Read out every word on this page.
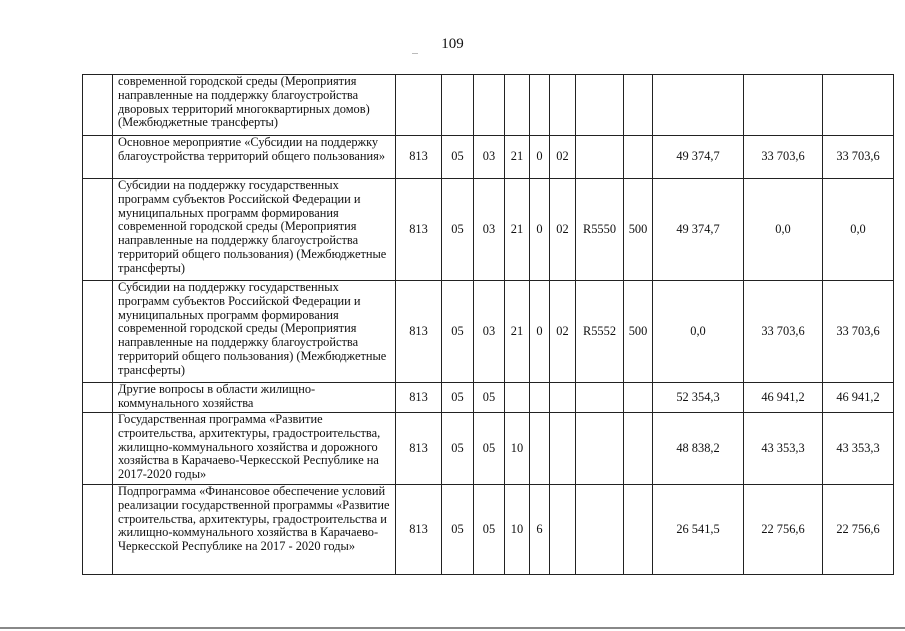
109
	современной городской среды (Мероприятия направленные на поддержку благоустройства дворовых территорий многоквартирных домов) (Межбюджетные трансферты)											
	Основное мероприятие «Субсидии на поддержку благоустройства территорий общего пользования»	813	05	03	21	0	02			49 374,7	33 703,6	33 703,6
	Субсидии на поддержку государственных программ субъектов Российской Федерации и муниципальных программ формирования современной городской среды (Мероприятия направленные на поддержку благоустройства территорий общего пользования) (Межбюджетные трансферты)	813	05	03	21	0	02	R5550	500	49 374,7	0,0	0,0
	Субсидии на поддержку государственных программ субъектов Российской Федерации и муниципальных программ формирования современной городской среды (Мероприятия направленные на поддержку благоустройства территорий общего пользования) (Межбюджетные трансферты)	813	05	03	21	0	02	R5552	500	0,0	33 703,6	33 703,6
	Другие вопросы в области жилищно-коммунального хозяйства	813	05	05						52 354,3	46 941,2	46 941,2
	Государственная программа «Развитие строительства, архитектуры, градостроительства, жилищно-коммунального хозяйства и дорожного хозяйства в Карачаево-Черкесской Республике на 2017-2020 годы»	813	05	05	10					48 838,2	43 353,3	43 353,3
	Подпрограмма «Финансовое обеспечение условий реализации государственной программы «Развитие строительства, архитектуры, градостроительства и жилищно-коммунального хозяйства в Карачаево-Черкесской Республике на 2017 - 2020 годы»	813	05	05	10	6				26 541,5	22 756,6	22 756,6
